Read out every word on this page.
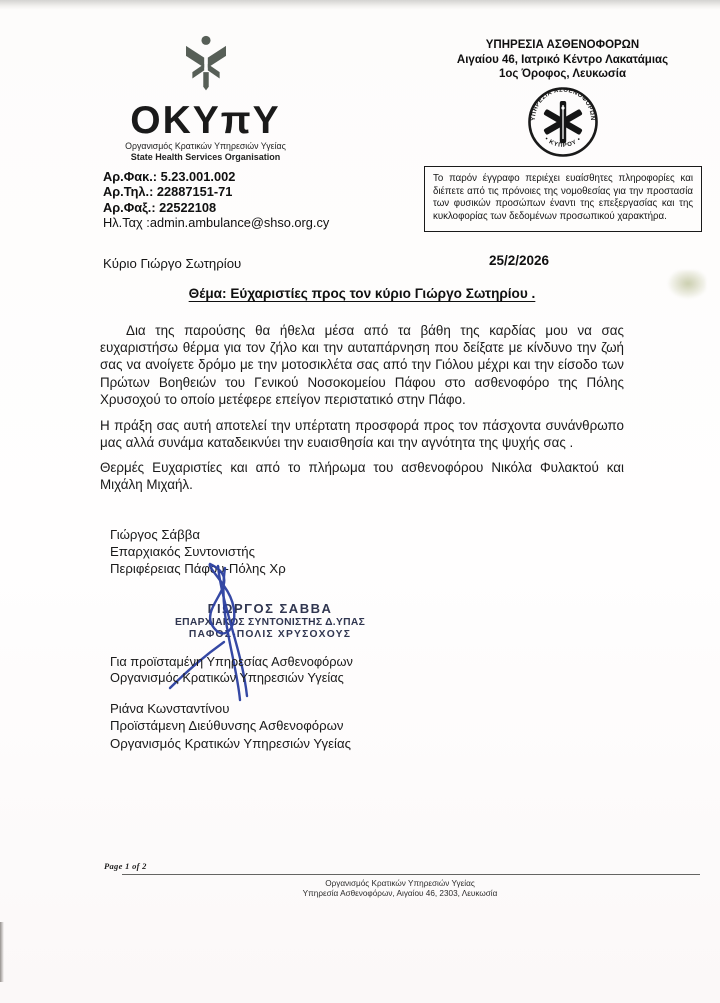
ΟΚΥπΥ
Οργανισμός Κρατικών Υπηρεσιών Υγείας
State Health Services Organisation
ΥΠΗΡΕΣΙΑ ΑΣΘΕΝΟΦΟΡΩΝ
Αιγαίου 46, Ιατρικό Κέντρο Λακατάμιας
1ος Όροφος, Λευκωσία
ΥΠΗΡΕΣΙΑ ΑΣΘΕΝΟΦΟΡΩΝ
• ΚΥΠΡΟΥ •
Αρ.Φακ.: 5.23.001.002
Αρ.Τηλ.: 22887151-71
Αρ.Φαξ.: 22522108
Ηλ.Ταχ :admin.ambulance@shso.org.cy
Το παρόν έγγραφο περιέχει ευαίσθητες πληροφορίες και διέπετε από τις πρόνοιες της νομοθεσίας για την προστασία των φυσικών προσώπων έναντι της επεξεργασίας και της κυκλοφορίας των δεδομένων προσωπικού χαρακτήρα.
Κύριο Γιώργο Σωτηρίου	25/2/2026
Θέμα: Εύχαριστίες προς τον κύριο Γιώργο Σωτηρίου .
Δια της παρούσης θα ήθελα μέσα από τα βάθη της καρδίας μου να σας ευχαριστήσω θέρμα για τον ζήλο και την αυταπάρνηση που δείξατε με κίνδυνο την ζωή σας να ανοίγετε δρόμο με την μοτοσικλέτα σας από την Γιόλου μέχρι και την είσοδο των Πρώτων Βοηθειών του Γενικού Νοσοκομείου Πάφου στο ασθενοφόρο της Πόλης Χρυσοχού το οποίο μετέφερε επείγον περιστατικό στην Πάφο.
Η πράξη σας αυτή αποτελεί την υπέρτατη προσφορά προς τον πάσχοντα συνάνθρωπο μας αλλά συνάμα καταδεικνύει την ευαισθησία και την αγνότητα της ψυχής σας .
Θερμές Ευχαριστίες και από το πλήρωμα του ασθενοφόρου Νικόλα Φυλακτού και Μιχάλη Μιχαήλ.
Γιώργος Σάββα
Επαρχιακός Συντονιστής
Περιφέρειας Πάφου-Πόλης Χρ
ΓΙΩΡΓΟΣ ΣΑΒΒΑ
ΕΠΑΡΧΙΑΚΟΣ ΣΥΝΤΟΝΙΣΤΗΣ Δ.ΥΠΑΣ
ΠΑΦΟΣ-ΠΟΛΙΣ ΧΡΥΣΟΧΟΥΣ
Για προϊσταμένη Υπηρεσίας Ασθενοφόρων
Οργανισμός Κρατικών Υπηρεσιών Υγείας
Ριάνα Κωνσταντίνου
Προϊστάμενη Διεύθυνσης Ασθενοφόρων
Οργανισμός Κρατικών Υπηρεσιών Υγείας
Page 1 of 2
Οργανισμός Κρατικών Υπηρεσιών Υγείας
Υπηρεσία Ασθενοφόρων, Αιγαίου 46, 2303, Λευκωσία
